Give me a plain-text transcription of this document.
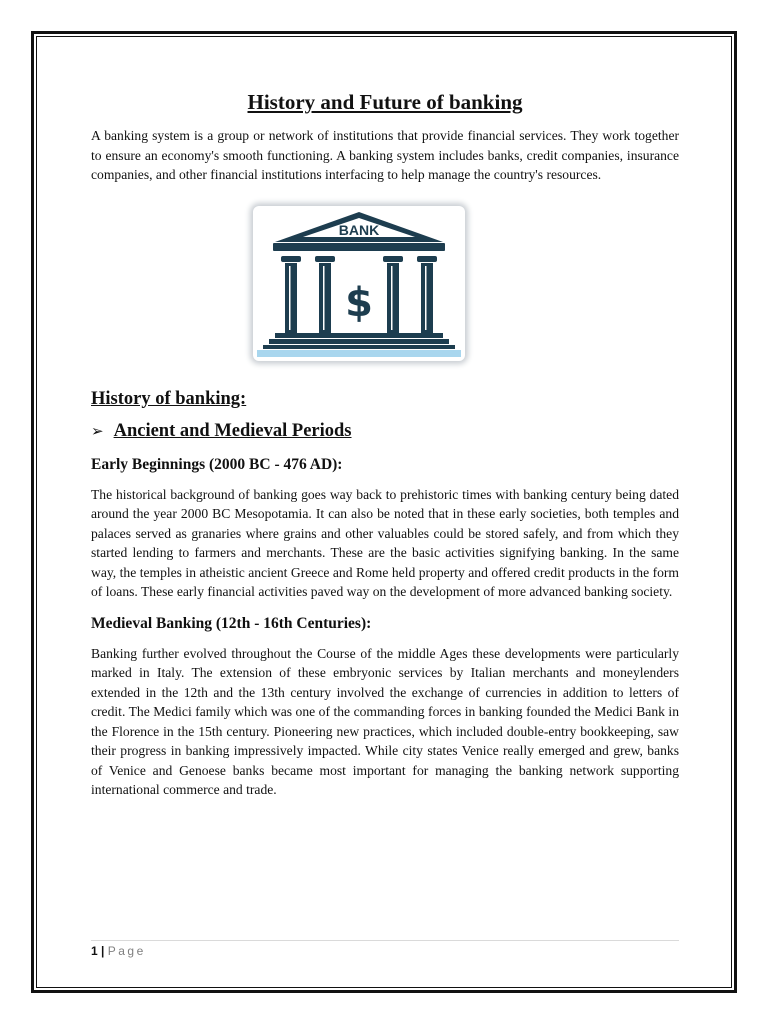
History and Future of banking

A banking system is a group or network of institutions that provide financial services. They work together to ensure an economy's smooth functioning. A banking system includes banks, credit companies, insurance companies, and other financial institutions interfacing to help manage the country's resources.

BANK
$
History of banking:
➢ Ancient and Medieval Periods
Early Beginnings (2000 BC - 476 AD):

The historical background of banking goes way back to prehistoric times with banking century being dated around the year 2000 BC Mesopotamia. It can also be noted that in these early societies, both temples and palaces served as granaries where grains and other valuables could be stored safely, and from which they started lending to farmers and merchants. These are the basic activities signifying banking. In the same way, the temples in atheistic ancient Greece and Rome held property and offered credit products in the form of loans. These early financial activities paved way on the development of more advanced banking society.

Medieval Banking (12th - 16th Centuries):

Banking further evolved throughout the Course of the middle Ages these developments were particularly marked in Italy. The extension of these embryonic services by Italian merchants and moneylenders extended in the 12th and the 13th century involved the exchange of currencies in addition to letters of credit. The Medici family which was one of the commanding forces in banking founded the Medici Bank in the Florence in the 15th century. Pioneering new practices, which included double-entry bookkeeping, saw their progress in banking impressively impacted. While city states Venice really emerged and grew, banks of Venice and Genoese banks became most important for managing the banking network supporting international commerce and trade.

1 | Page
